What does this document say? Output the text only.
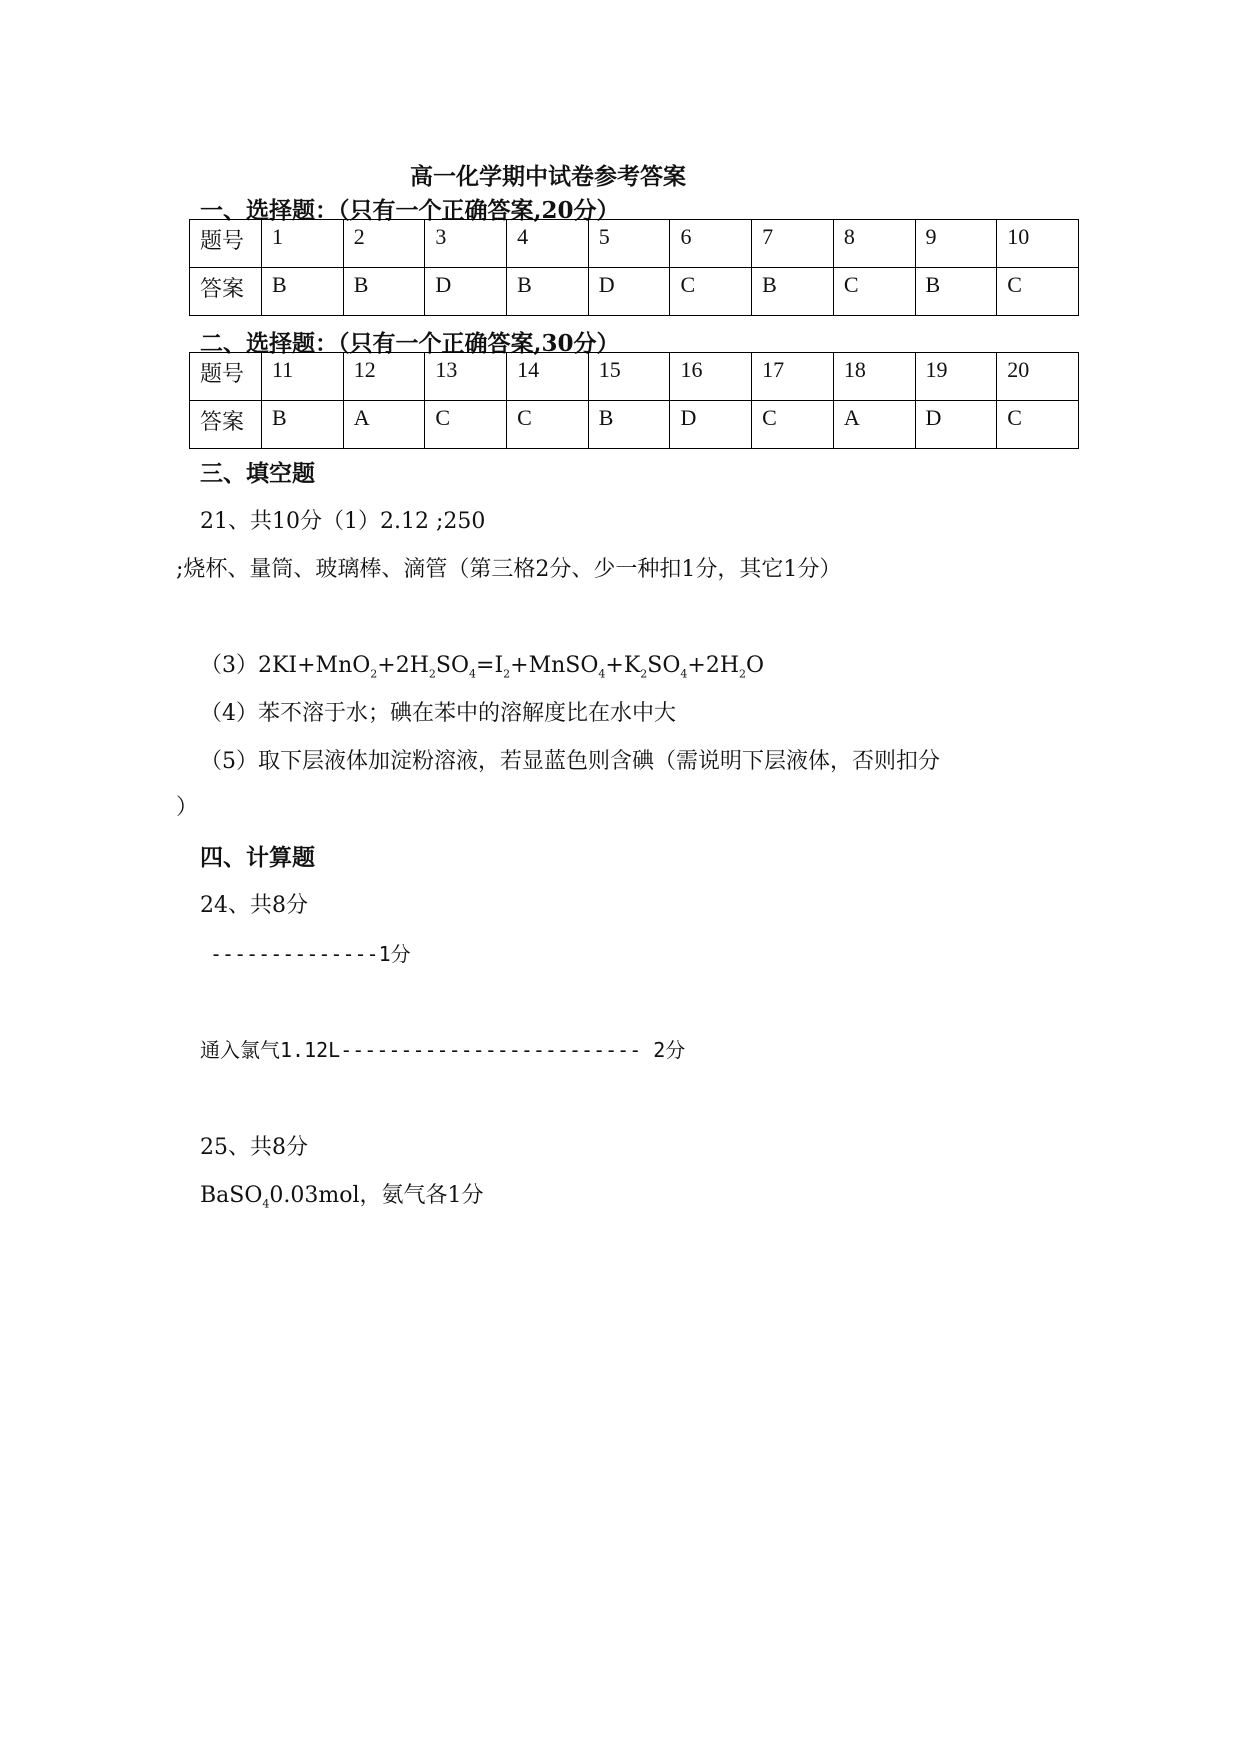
高一化学期中试卷参考答案
一、选择题：（只有一个正确答案,20分）
题号	1	2	3	4	5	6	7	8	9	10
答案	B	B	D	B	D	C	B	C	B	C
二、选择题：（只有一个正确答案,30分）
题号	11	12	13	14	15	16	17	18	19	20
答案	B	A	C	C	B	D	C	A	D	C
三、填空题
21、共10分（1）2.12 ;250
;烧杯、量筒、玻璃棒、滴管（第三格2分、少一种扣1分，其它1分）
$(3)2KI+MnO_2+2H_2SO_4=I_2+MnSO_4+K_2SO_4+2H_2O$
（4）苯不溶于水；碘在苯中的溶解度比在水中大
（5）取下层液体加淀粉溶液，若显蓝色则含碘（需说明下层液体，否则扣分
）
四、计算题
24、共8分
--------------1分
通入氯气1.12L------------------------- 2分
25、共8分
BaSO$_4$0.03mol，氨气各1分
